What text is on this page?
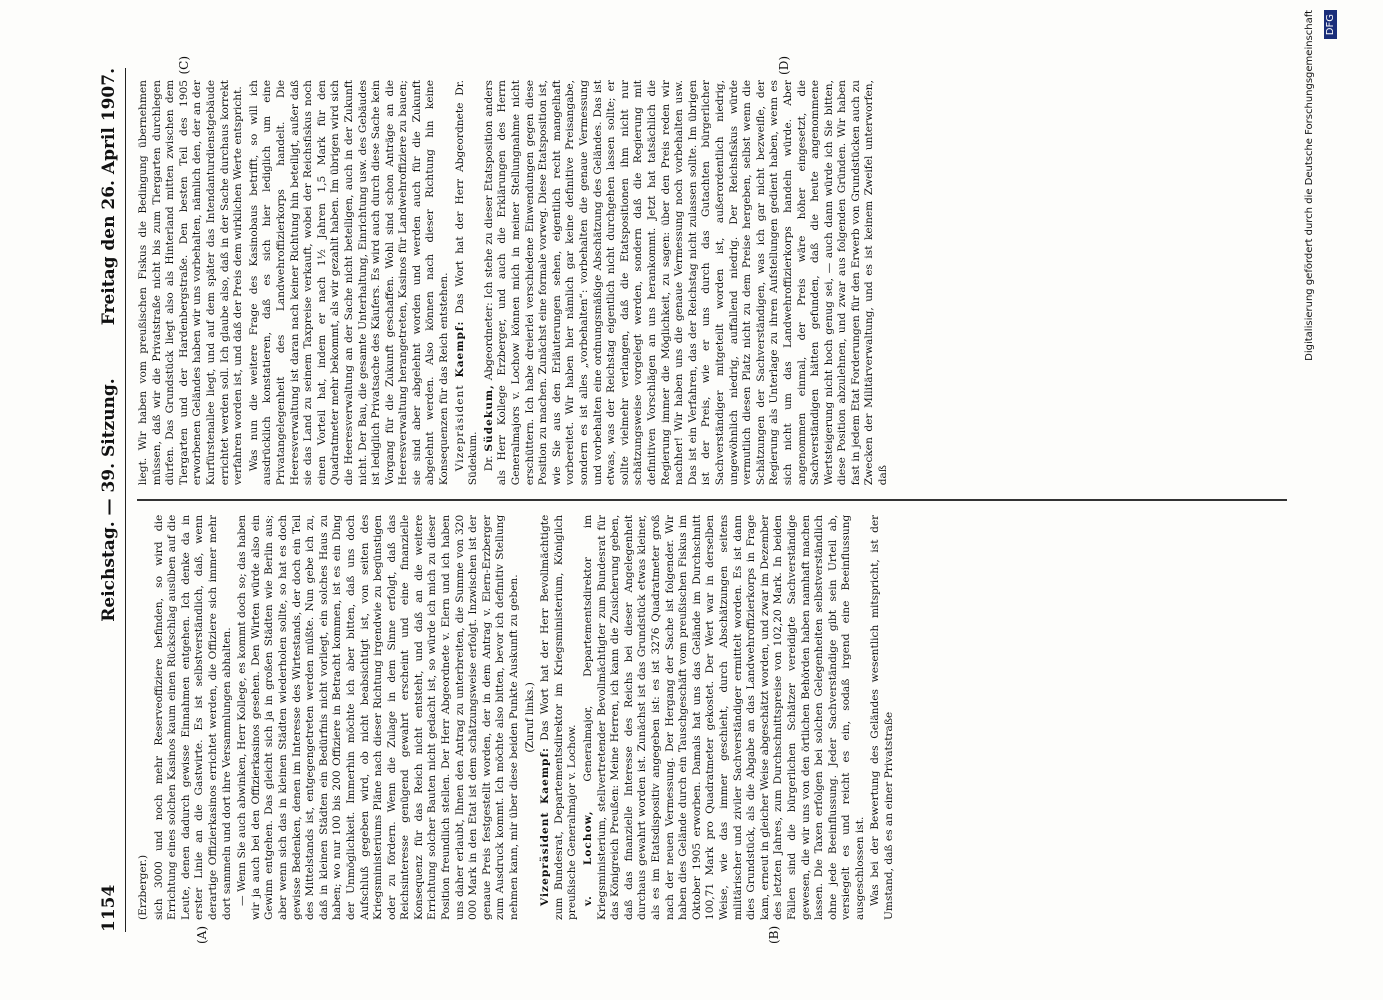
1154
Reichstag. — 39. Sitzung.
Freitag den 26. April 1907.
(A)	(B)
(C)	(D)

(Erzberger.) sich 3000 und noch mehr Reserveoffiziere befinden, so wird die Errichtung eines solchen Kasinos kaum einen Rückschlag ausüben auf die Leute, denen dadurch gewisse Einnahmen entgehen. Ich denke da in erster Linie an die Gastwirte. Es ist selbstverständlich, daß, wenn derartige Offizierkasinos errichtet werden, die Offiziere sich immer mehr dort sammeln und dort ihre Versammlungen abhalten. — Wenn Sie auch abwinken, Herr Kollege, es kommt doch so; das haben wir ja auch bei den Offizierkasinos gesehen. Den Wirten würde also ein Gewinn entgehen. Das gleicht sich ja in großen Städten wie Berlin aus; aber wenn sich das in kleinen Städten wiederholen sollte, so hat es doch gewisse Bedenken, denen im Interesse des Wirtestands, der doch ein Teil des Mittelstands ist, entgegengetreten werden müßte. Nun gebe ich zu, daß in kleinen Städten ein Bedürfnis nicht vorliegt, ein solches Haus zu haben; wo nur 100 bis 200 Offiziere in Betracht kommen, ist es ein Ding der Unmöglichkeit. Immerhin möchte ich aber bitten, daß uns doch Aufschluß gegeben wird, ob nicht beabsichtigt ist, von seiten des Kriegsministeriums Pläne nach dieser Richtung irgendwie zu begünstigen oder zu fördern. Wenn die Zulage in dem Sinne erfolgt, daß das Reichsinteresse genügend gewahrt erscheint und eine finanzielle Konsequenz für das Reich nicht entsteht, und daß an die weitere Errichtung solcher Bauten nicht gedacht ist, so würde ich mich zu dieser Position freundlich stellen. Der Herr Abgeordnete v. Elern und ich haben uns daher erlaubt, Ihnen den Antrag zu unterbreiten, die Summe von 320 000 Mark in den Etat ist dem schätzungsweise erfolgt. Inzwischen ist der genaue Preis festgestellt worden, der in dem Antrag v. Elern-Erzberger zum Ausdruck kommt. Ich möchte also bitten, bevor ich definitiv Stellung nehmen kann, mir über diese beiden Punkte Auskunft zu geben. (Zuruf links.)

Vizepräsident Kaempf: Das Wort hat der Herr Bevollmächtigte zum Bundesrat, Departementsdirektor im Kriegsministerium, Königlich preußische Generalmajor v. Lochow. v. Lochow, Generalmajor, Departementsdirektor im Kriegsministerium, stellvertretender Bevollmächtigter zum Bundesrat für das Königreich Preußen: Meine Herren, ich kann die Zusicherung geben, daß das finanzielle Interesse des Reichs bei dieser Angelegenheit durchaus gewahrt worden ist. Zunächst ist das Grundstück etwas kleiner, als es im Etatsdispositiv angegeben ist: es ist 3276 Quadratmeter groß nach der neuen Vermessung. Der Hergang der Sache ist folgender. Wir haben dies Gelände durch ein Tauschgeschäft vom preußischen Fiskus im Oktober 1905 erworben. Damals hat uns das Gelände im Durchschnitt 100,71 Mark pro Quadratmeter gekostet. Der Wert war in derselben Weise, wie das immer geschieht, durch Abschätzungen seitens militärischer und ziviler Sachverständiger ermittelt worden. Es ist dann dies Grundstück, als die Abgabe an das Landwehroffizierkorps in Frage kam, erneut in gleicher Weise abgeschätzt worden, und zwar im Dezember des letzten Jahres, zum Durchschnittspreise von 102,20 Mark. In beiden Fällen sind die bürgerlichen Schätzer vereidigte Sachverständige gewesen, die wir uns von den örtlichen Behörden haben namhaft machen lassen. Die Taxen erfolgen bei solchen Gelegenheiten selbstverständlich ohne jede Beeinflussung. Jeder Sachverständige gibt sein Urteil ab, versiegelt es und reicht es ein, sodaß irgend eine Beeinflussung ausgeschlossen ist. Was bei der Bewertung des Geländes wesentlich mitspricht, ist der Umstand, daß es an einer Privatstraße

liegt. Wir haben vom preußischen Fiskus die Bedingung übernehmen müssen, daß wir die Privatstraße nicht bis zum Tiergarten durchlegen dürfen. Das Grundstück liegt also als Hinterland mitten zwischen dem Tiergarten und der Hardenbergstraße. Den besten Teil des 1905 erworbenen Geländes haben wir uns vorbehalten, nämlich den, der an der Kurfürstenallee liegt, und auf dem später das Intendanturdienstgebäude errichtet werden soll. Ich glaube also, daß in der Sache durchaus korrekt verfahren worden ist, und daß der Preis dem wirklichen Werte entspricht. Was nun die weitere Frage des Kasinobaus betrifft, so will ich ausdrücklich konstatieren, daß es sich hier lediglich um eine Privatangelegenheit des Landwehroffizierkorps handelt. Die Heeresverwaltung ist daran nach keiner Richtung hin beteiligt, außer daß sie das Land zu seinem Taxpreise verkauft, wobei der Reichsfiskus noch einen Vorteil hat, indem er nach 1½ Jahren 1,5 Mark für den Quadratmeter mehr bekommt, als wir gezahlt haben. Im übrigen wird sich die Heeresverwaltung an der Sache nicht beteiligen, auch in der Zukunft nicht. Der Bau, die gesamte Unterhaltung, Einrichtung usw. des Gebäudes ist lediglich Privatsache des Käufers. Es wird auch durch diese Sache kein Vorgang für die Zukunft geschaffen. Wohl sind schon Anträge an die Heeresverwaltung herangetreten, Kasinos für Landwehroffiziere zu bauen; sie sind aber abgelehnt worden und werden auch für die Zukunft abgelehnt werden. Also können nach dieser Richtung hin keine Konsequenzen für das Reich entstehen. Vizepräsident Kaempf: Das Wort hat der Herr Abgeordnete Dr. Südekum. Dr. Südekum, Abgeordneter: Ich stehe zu dieser Etatsposition anders als Herr Kollege Erzberger, und auch die Erklärungen des Herrn Generalmajors v. Lochow können mich in meiner Stellungnahme nicht erschüttern. Ich habe dreierlei verschiedene Einwendungen gegen diese Position zu machen. Zunächst eine formale vorweg. Diese Etatsposition ist, wie Sie aus den Erläuterungen sehen, eigentlich recht mangelhaft vorbereitet. Wir haben hier nämlich gar keine definitive Preisangabe, sondern es ist alles „vorbehalten“: vorbehalten die genaue Vermessung und vorbehalten eine ordnungsmäßige Abschätzung des Geländes. Das ist etwas, was der Reichstag eigentlich nicht durchgehen lassen sollte; er sollte vielmehr verlangen, daß die Etatspositionen ihm nicht nur schätzungsweise vorgelegt werden, sondern daß die Regierung mit definitiven Vorschlägen an uns herankommt. Jetzt hat tatsächlich die Regierung immer die Möglichkeit, zu sagen: über den Preis reden wir nachher! Wir haben uns die genaue Vermessung noch vorbehalten usw. Das ist ein Verfahren, das der Reichstag nicht zulassen sollte. Im übrigen ist der Preis, wie er uns durch das Gutachten bürgerlicher Sachverständiger mitgeteilt worden ist, außerordentlich niedrig, ungewöhnlich niedrig, auffallend niedrig. Der Reichsfiskus würde vermutlich diesen Platz nicht zu dem Preise hergeben, selbst wenn die Schätzungen der Sachverständigen, was ich gar nicht bezweifle, der Regierung als Unterlage zu ihren Aufstellungen gedient haben, wenn es sich nicht um das Landwehroffizierkorps handeln würde. Aber angenommen einmal, der Preis wäre höher eingesetzt, die Sachverständigen hätten gefunden, daß die heute angenommene Wertsteigerung nicht hoch genug sei, — auch dann würde ich Sie bitten, diese Position abzulehnen, und zwar aus folgenden Gründen. Wir haben fast in jedem Etat Forderungen für den Erwerb von Grundstücken auch zu Zwecken der Militärverwaltung, und es ist keinem Zweifel unterworfen, daß

Digitalisierung gefördert durch die Deutsche Forschungsgemeinschaft DFG
